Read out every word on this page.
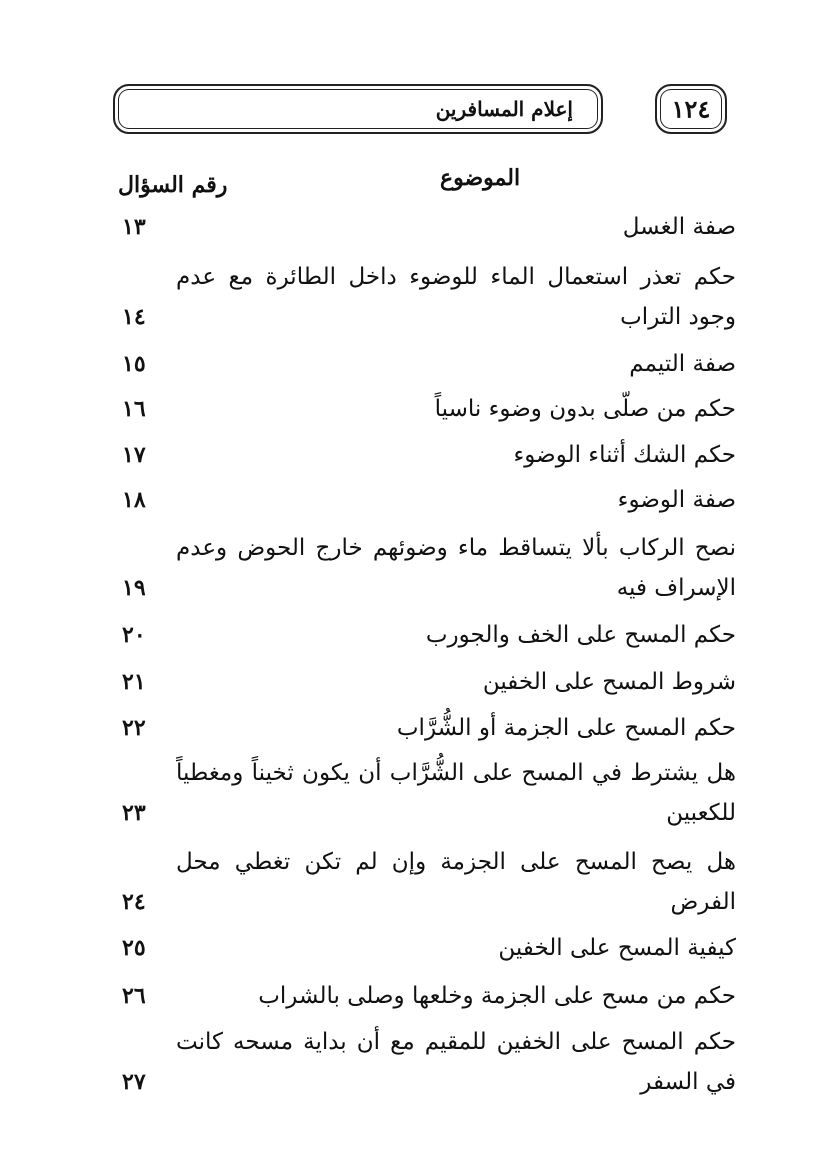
إعلام المسافرين	١٢٤
الموضوع
رقم السؤال
صفة الغسل
١٣
حكم تعذر استعمال الماء للوضوء داخل الطائرة مع عدم وجود التراب
١٤
صفة التيمم
١٥
حكم من صلّى بدون وضوء ناسياً
١٦
حكم الشك أثناء الوضوء
١٧
صفة الوضوء
١٨
نصح الركاب بألا يتساقط ماء وضوئهم خارج الحوض وعدم الإسراف فيه
١٩
حكم المسح على الخف والجورب
٢٠
شروط المسح على الخفين
٢١
حكم المسح على الجزمة أو الشُّرَّاب
٢٢
هل يشترط في المسح على الشُّرَّاب أن يكون ثخيناً ومغطياً للكعبين
٢٣
هل يصح المسح على الجزمة وإن لم تكن تغطي محل الفرض
٢٤
كيفية المسح على الخفين
٢٥
حكم من مسح على الجزمة وخلعها وصلى بالشراب
٢٦
حكم المسح على الخفين للمقيم مع أن بداية مسحه كانت في السفر
٢٧
